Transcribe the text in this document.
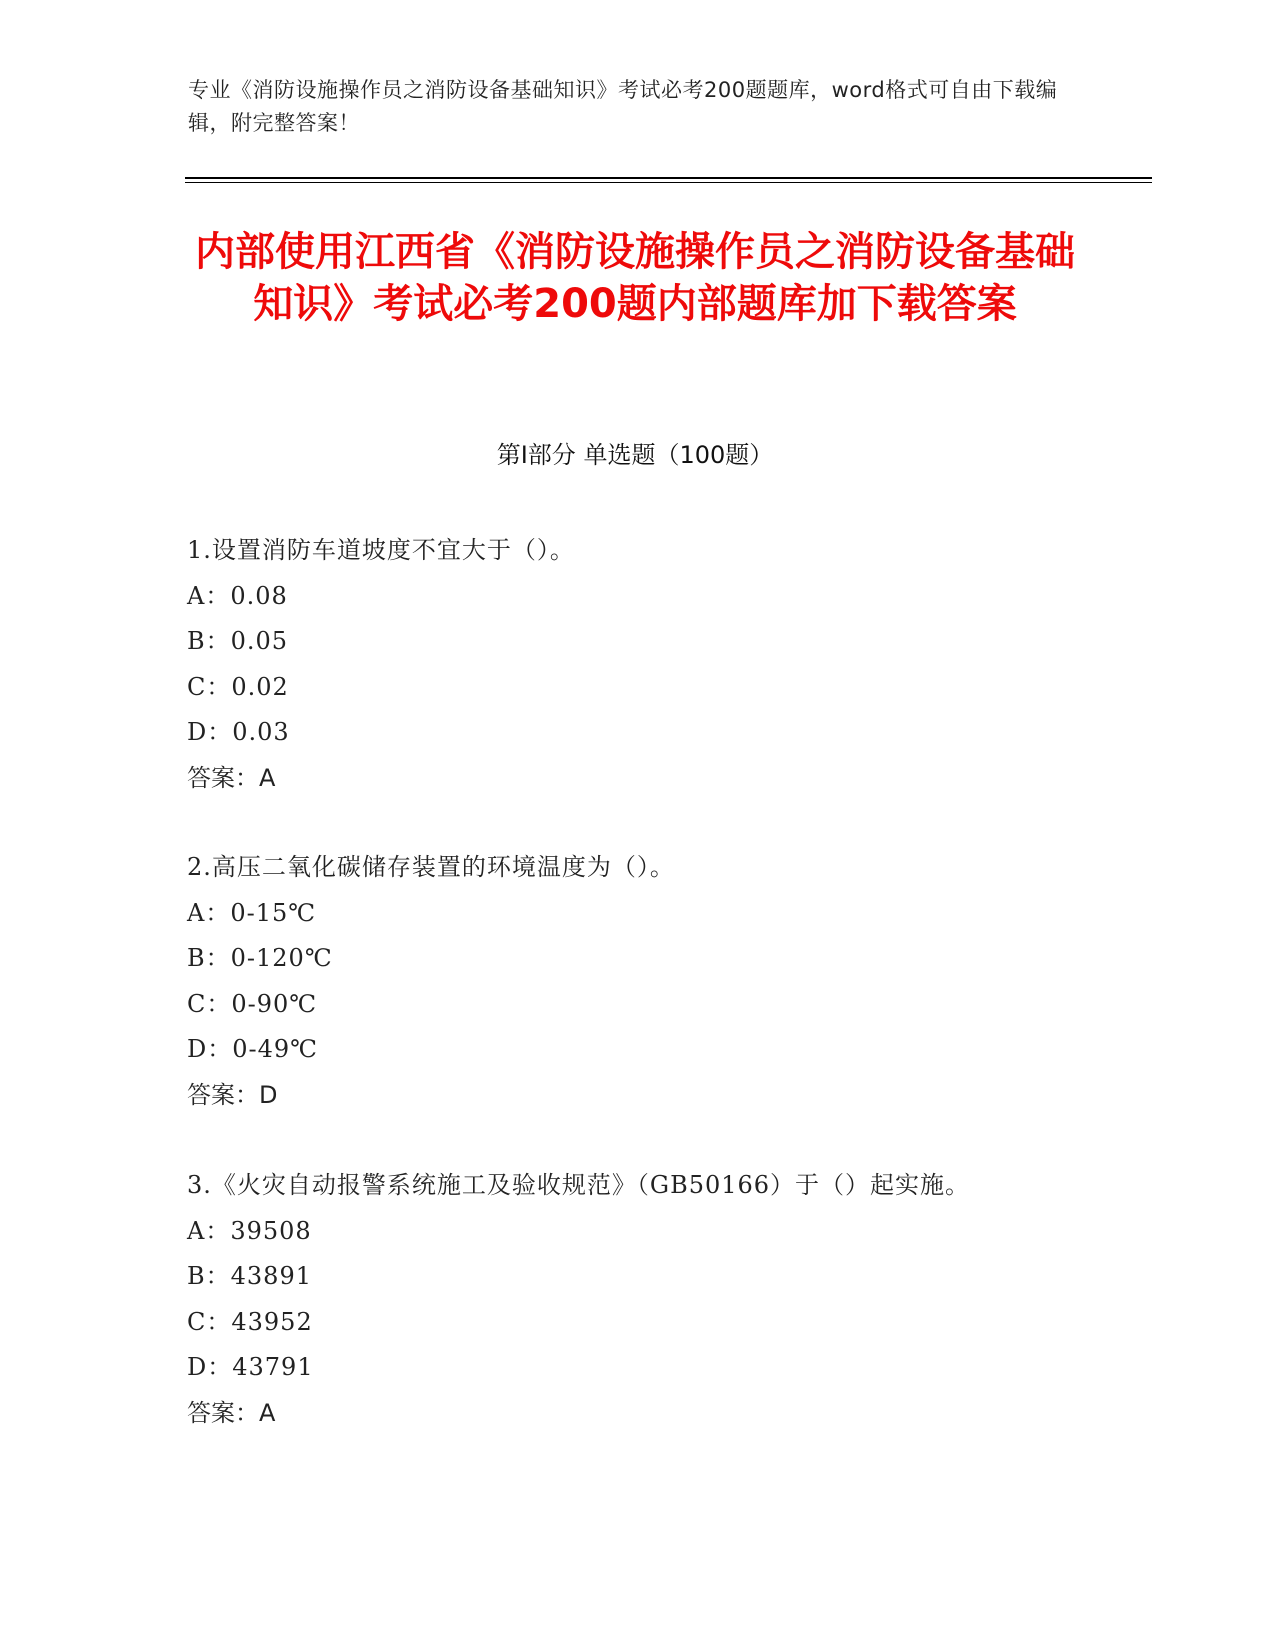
专业《消防设施操作员之消防设备基础知识》考试必考200题题库，word格式可自由下载编辑，附完整答案！
内部使用江西省《消防设施操作员之消防设备基础知识》考试必考200题内部题库加下载答案
第I部分 单选题（100题）
1.设置消防车道坡度不宜大于（）。
A：0.08
B：0.05
C：0.02
D：0.03
答案：A
2.高压二氧化碳储存装置的环境温度为（）。
A：0-15℃
B：0-120℃
C：0-90℃
D：0-49℃
答案：D
3.《火灾自动报警系统施工及验收规范》（GB50166）于（）起实施。
A：39508
B：43891
C：43952
D：43791
答案：A
